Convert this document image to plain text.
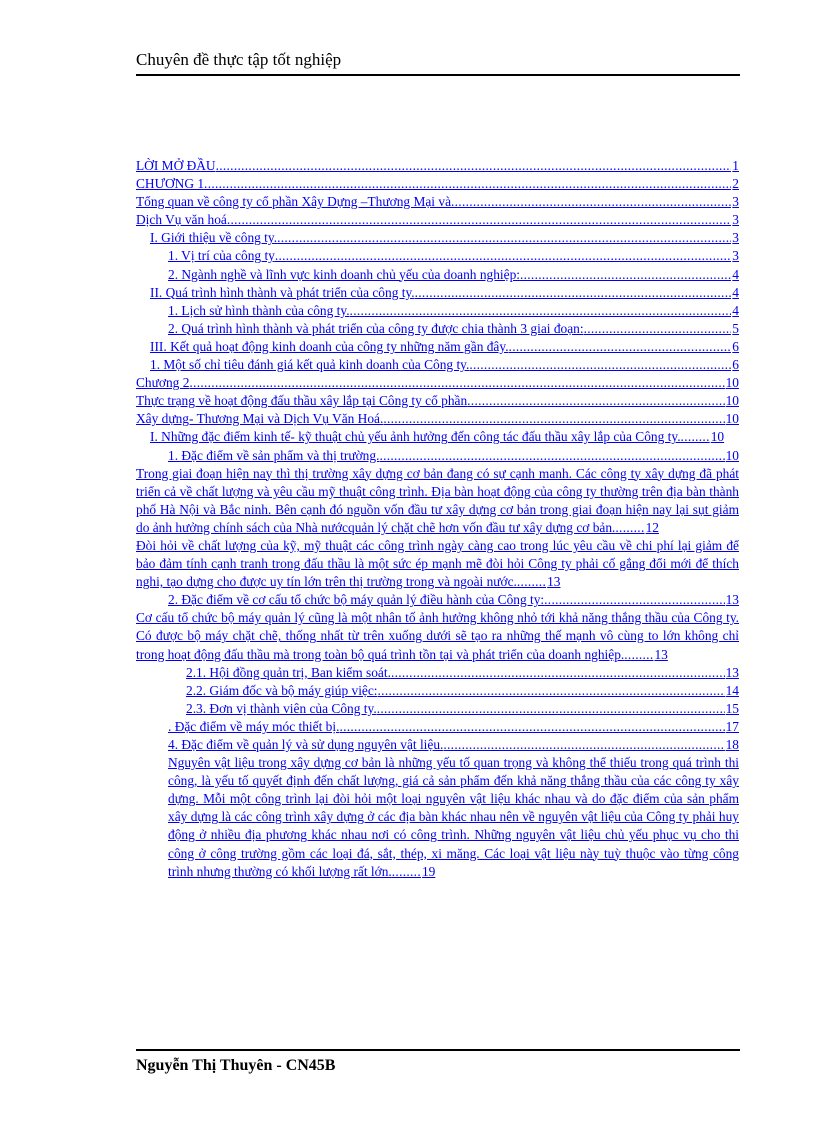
Chuyên đề thực tập tốt nghiệp
LỜI MỞ ĐẦU .....	1
CHƯƠNG 1 .....	2
Tổng quan về công ty cổ phần Xây Dựng –Thương Mại và .....	3
Dịch Vụ văn hoá .....	3
I. Giới thiệu về công ty. .....	3
1. Vị trí của công ty .....	3
2. Ngành nghề và lĩnh vực kinh doanh chủ yếu của doanh nghiệp: .....	4
II. Quá trình hình thành và phát triển của công ty. .....	4
1. Lịch sử hình thành của công ty. .....	4
2. Quá trình hình thành và phát triển của công ty được chia thành 3 giai đoạn: .....	5
III. Kết quả hoạt động kinh doanh của công ty những năm gần đây. .....	6
1. Một số chỉ tiêu đánh giá kết quả kinh doanh của Công ty. .....	6
Chương 2 .....	10
Thực trạng về hoạt động đấu thầu xây lắp tại Công ty cổ phần .....	10
Xây dựng- Thương Mại và Dịch Vụ Văn Hoá. .....	10
I. Những đặc điểm kinh tế- kỹ thuật chủ yếu ảnh hưởng đến công tác đấu thầu xây lắp của Công ty. ........ 10
1. Đặc điểm về sản phẩm và thị trường. .....	10
Trong giai đoạn hiện nay thì thị trường xây dựng cơ bản đang có sự cạnh manh. Các công ty xây dựng đã phát triển cả về chất lượng và yêu cầu mỹ thuật công trình. Địa bàn hoạt động của công ty thường trên địa bàn thành phố Hà Nội và Bắc ninh. Bên cạnh đó nguồn vốn đầu tư xây dựng cơ bản trong giai đoạn hiện nay lại sụt giảm do ảnh hưởng chính sách của Nhà nướcquản lý chặt chẽ hơn vốn đầu tư xây dựng cơ bản. ........ 12
Đòi hỏi về chất lượng của kỹ, mỹ thuật các công trình ngày càng cao trong lúc yêu cầu về chi phí lại giảm để bảo đảm tính cạnh tranh trong đấu thầu là một sức ép mạnh mẽ đòi hỏi Công ty phải cố gắng đổi mới để thích nghi, tạo dựng cho được uy tín lớn trên thị trường trong và ngoài nước. ........ 13
2. Đặc điểm về cơ cấu tổ chức bộ máy quản lý điều hành của Công ty: .....	13
Cơ cấu tổ chức bộ máy quản lý cũng là một nhân tố ảnh hưởng không nhỏ tới khả năng thắng thầu của Công ty. Có được bộ máy chặt chẽ, thống nhất từ trên xuống dưới sẽ tạo ra những thế mạnh vô cùng to lớn không chỉ trong hoạt động đấu thầu mà trong toàn bộ quá trình tồn tại và phát triển của doanh nghiệp. ........ 13
2.1. Hội đồng quản trị, Ban kiểm soát. .....	13
2.2. Giám đốc và bộ máy giúp việc: .....	14
2.3. Đơn vị thành viên của Công ty. .....	15
. Đặc điểm về máy móc thiết bị. .....	17
4. Đặc điểm về quản lý và sử dụng nguyên vật liệu. .....	18
Nguyên vật liệu trong xây dựng cơ bản là những yếu tố quan trọng và không thể thiếu trong quá trình thi công, là yếu tố quyết định đến chất lượng, giá cả sản phẩm đến khả năng thắng thầu của các công ty xây dựng. Mỗi một công trình lại đòi hỏi một loại nguyên vật liệu khác nhau và do đặc điểm của sản phẩm xây dựng là các công trình xây dựng ở các địa bàn khác nhau nên về nguyên vật liệu của Công ty phải huy động ở nhiều địa phương khác nhau nơi có công trình. Những nguyên vật liệu chủ yếu phục vụ cho thi công ở công trường gồm các loại đá, sắt, thép, xi măng. Các loại vật liệu này tuỳ thuộc vào từng công trình nhưng thường có khối lượng rất lớn. ........ 19
Nguyễn Thị Thuyên - CN45B
